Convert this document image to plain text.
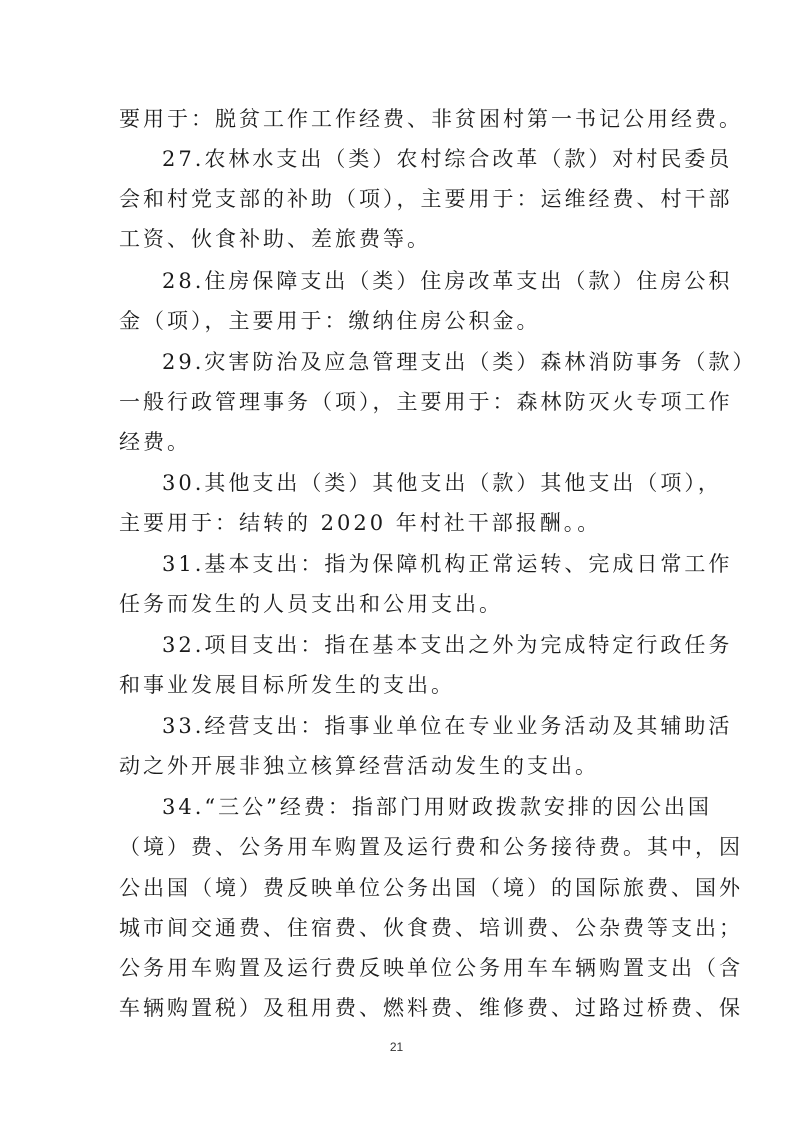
要用于：脱贫工作工作经费、非贫困村第一书记公用经费。
27.农林水支出（类）农村综合改革（款）对村民委员
会和村党支部的补助（项），主要用于：运维经费、村干部
工资、伙食补助、差旅费等。
28.住房保障支出（类）住房改革支出（款）住房公积
金（项），主要用于：缴纳住房公积金。
29.灾害防治及应急管理支出（类）森林消防事务（款）
一般行政管理事务（项），主要用于：森林防灭火专项工作
经费。
30.其他支出（类）其他支出（款）其他支出（项），
主要用于：结转的 2020 年村社干部报酬。。
31.基本支出：指为保障机构正常运转、完成日常工作
任务而发生的人员支出和公用支出。
32.项目支出：指在基本支出之外为完成特定行政任务
和事业发展目标所发生的支出。
33.经营支出：指事业单位在专业业务活动及其辅助活
动之外开展非独立核算经营活动发生的支出。
34.“三公”经费：指部门用财政拨款安排的因公出国
（境）费、公务用车购置及运行费和公务接待费。其中，因
公出国（境）费反映单位公务出国（境）的国际旅费、国外
城市间交通费、住宿费、伙食费、培训费、公杂费等支出；
公务用车购置及运行费反映单位公务用车车辆购置支出（含
车辆购置税）及租用费、燃料费、维修费、过路过桥费、保
21
